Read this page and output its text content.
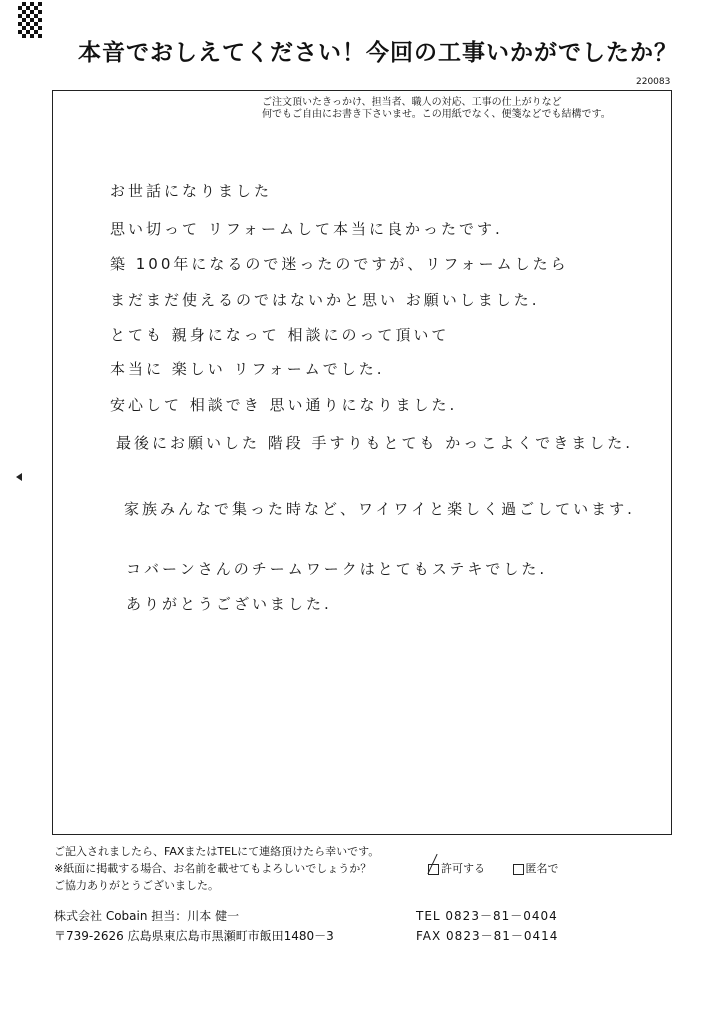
本音でおしえてください！今回の工事いかがでしたか？
220083
ご注文頂いたきっかけ、担当者、職人の対応、工事の仕上がりなど
何でもご自由にお書き下さいませ。この用紙でなく、便箋などでも結構です。
お世話になりました
思い切って リフォームして本当に良かったです.
築 100年になるので迷ったのですが、リフォームしたら
まだまだ使えるのではないかと思い お願いしました.
とても 親身になって 相談にのって頂いて
本当に 楽しい リフォームでした.
安心して 相談でき 思い通りになりました.
最後にお願いした 階段 手すりもとても かっこよくできました.
家族みんなで集った時など、ワイワイと楽しく過ごしています.
コバーンさんのチームワークはとてもステキでした.
ありがとうございました.
ご記入されましたら、FAXまたはTELにて連絡頂けたら幸いです。
※紙面に掲載する場合、お名前を載せてもよろしいでしょうか？
ご協力ありがとうございました。
許可する	匿名で
株式会社 Cobain 担当：川本 健一
〒739-2626 広島県東広島市黒瀬町市飯田1480－3
TEL 0823－81－0404
FAX 0823－81－0414
